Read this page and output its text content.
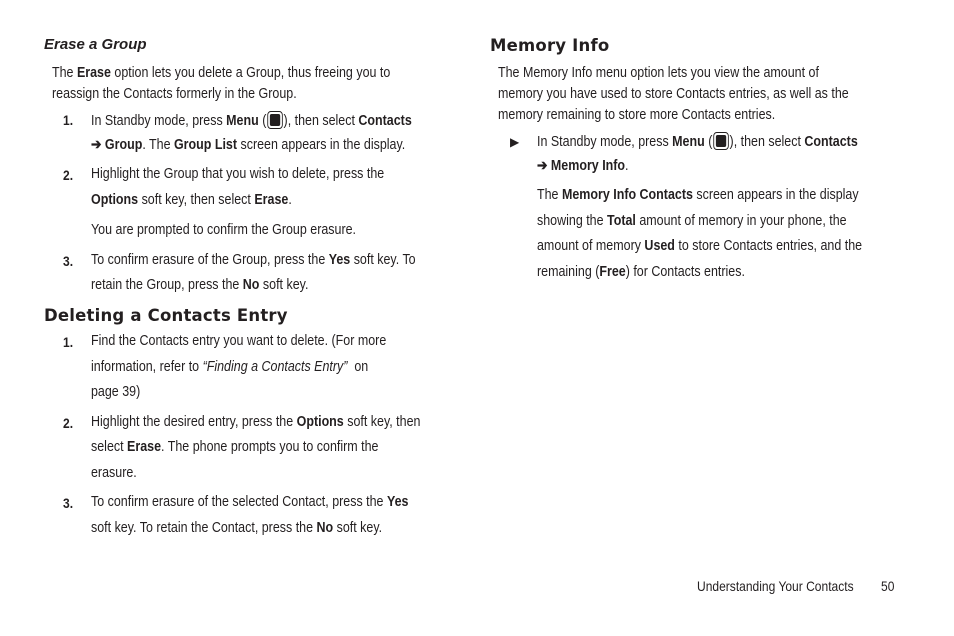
Erase a Group
The Erase option lets you delete a Group, thus freeing you to
reassign the Contacts formerly in the Group.
1. In Standby mode, press Menu ( ), then select Contacts
➔ Group. The Group List screen appears in the display.
2. Highlight the Group that you wish to delete, press the
Options soft key, then select Erase.
You are prompted to confirm the Group erasure.
3. To confirm erasure of the Group, press the Yes soft key. To
retain the Group, press the No soft key.
Deleting a Contacts Entry
1. Find the Contacts entry you want to delete. (For more
information, refer to “Finding a Contacts Entry”  on
page 39)
2. Highlight the desired entry, press the Options soft key, then
select Erase. The phone prompts you to confirm the
erasure.
3. To confirm erasure of the selected Contact, press the Yes
soft key. To retain the Contact, press the No soft key.
Memory Info
The Memory Info menu option lets you view the amount of
memory you have used to store Contacts entries, as well as the
memory remaining to store more Contacts entries.
▶ In Standby mode, press Menu ( ), then select Contacts
➔ Memory Info.
The Memory Info Contacts screen appears in the display
showing the Total amount of memory in your phone, the
amount of memory Used to store Contacts entries, and the
remaining (Free) for Contacts entries.
Understanding Your Contacts 50
